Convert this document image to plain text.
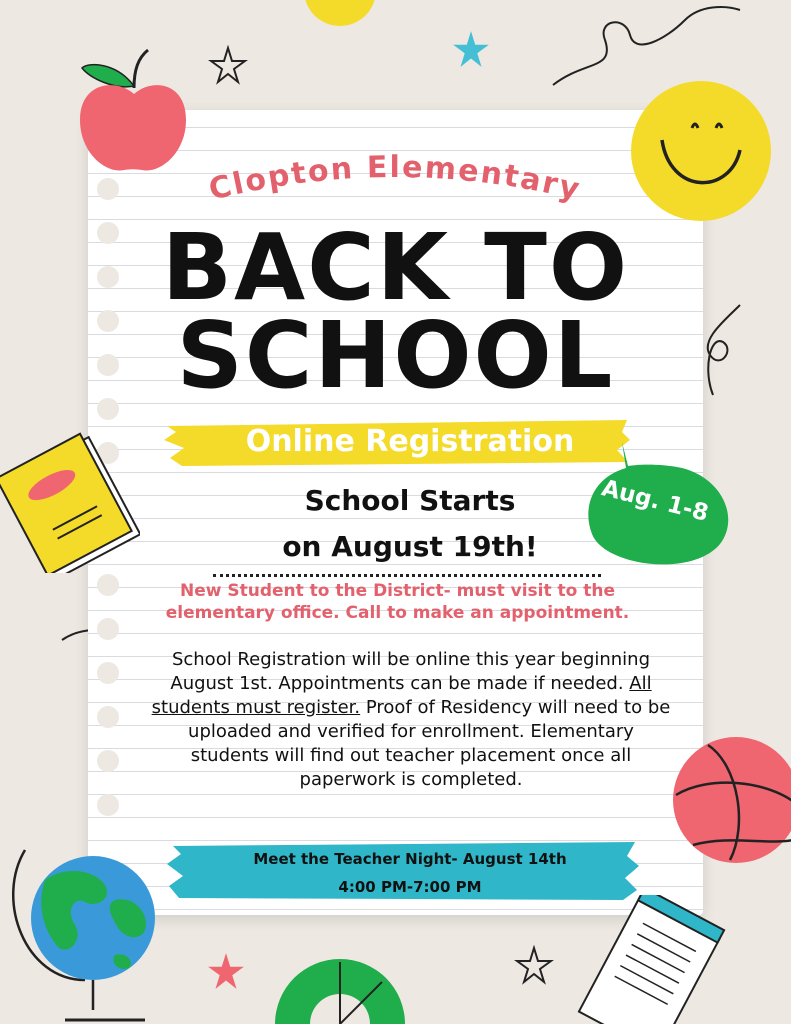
Clopton Elementary
BACK TO
SCHOOL
Online Registration
Aug. 1-8
School Starts
on August 19th!
New Student to the District- must visit to the
elementary office. Call to make an appointment.
School Registration will be online this year beginning August 1st. Appointments can be made if needed. All students must register. Proof of Residency will need to be uploaded and verified for enrollment. Elementary students will find out teacher placement once all paperwork is completed.
Meet the Teacher Night- August 14th
4:00 PM-7:00 PM
